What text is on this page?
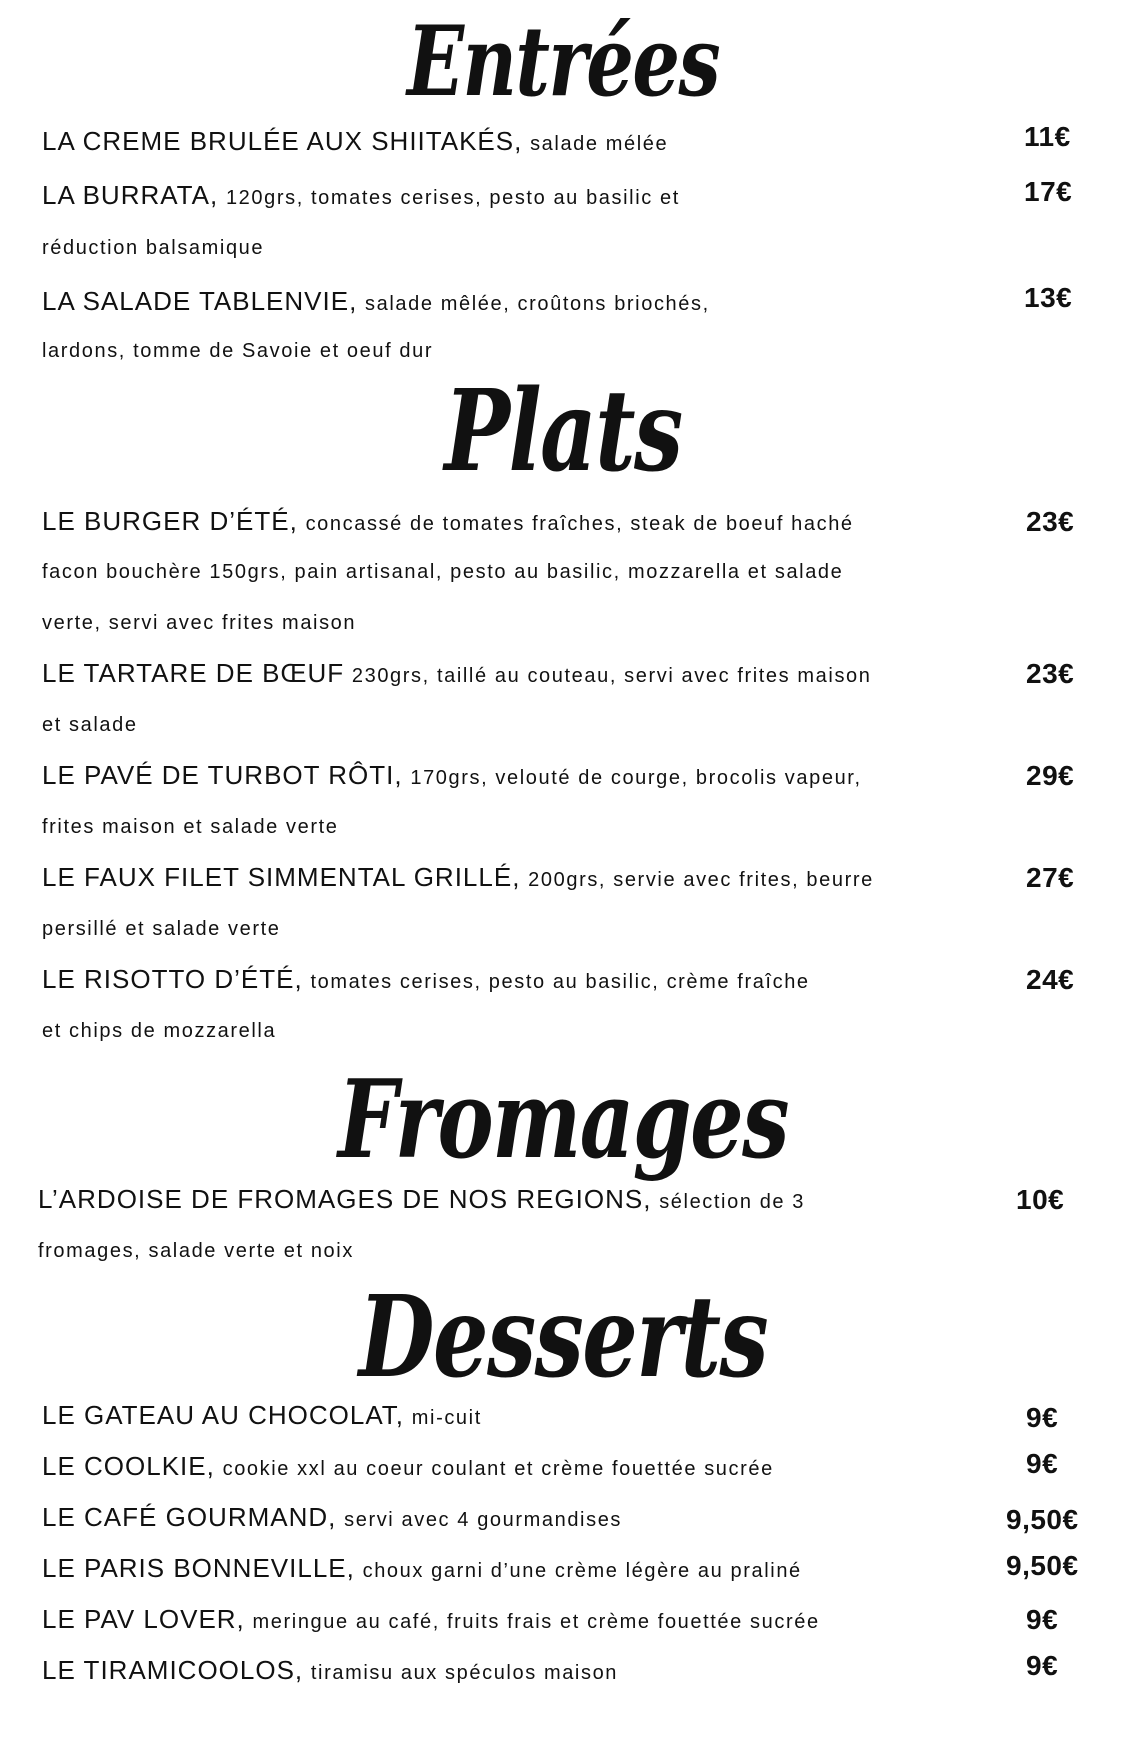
Entrées
LA CREME BRULÉE AUX SHIITAKÉS, salade mélée	11€
LA BURRATA, 120grs, tomates cerises, pesto au basilic et
réduction balsamique
17€
LA SALADE TABLENVIE, salade mêlée, croûtons briochés,
lardons, tomme de Savoie et oeuf dur
13€
Plats
LE BURGER D’ÉTÉ, concassé de tomates fraîches, steak de boeuf haché
facon bouchère 150grs, pain artisanal, pesto au basilic, mozzarella et salade
verte, servi avec frites maison
23€
LE TARTARE DE BŒUF 230grs, taillé au couteau, servi avec frites maison
et salade
23€
LE PAVÉ DE TURBOT RÔTI, 170grs, velouté de courge, brocolis vapeur,
frites maison et salade verte
29€
LE FAUX FILET SIMMENTAL GRILLÉ, 200grs, servie avec frites, beurre
persillé et salade verte
27€
LE RISOTTO D’ÉTÉ, tomates cerises, pesto au basilic, crème fraîche
et chips de mozzarella
24€
Fromages
L’ARDOISE DE FROMAGES DE NOS REGIONS, sélection de 3
fromages, salade verte et noix
10€
Desserts
LE GATEAU AU CHOCOLAT, mi-cuit	9€
LE COOLKIE, cookie xxl au coeur coulant et crème fouettée sucrée	9€
LE CAFÉ GOURMAND, servi avec 4 gourmandises	9,50€
LE PARIS BONNEVILLE, choux garni d’une crème légère au praliné	9,50€
LE PAV LOVER, meringue au café, fruits frais et crème fouettée sucrée	9€
LE TIRAMICOOLOS, tiramisu aux spéculos maison	9€
